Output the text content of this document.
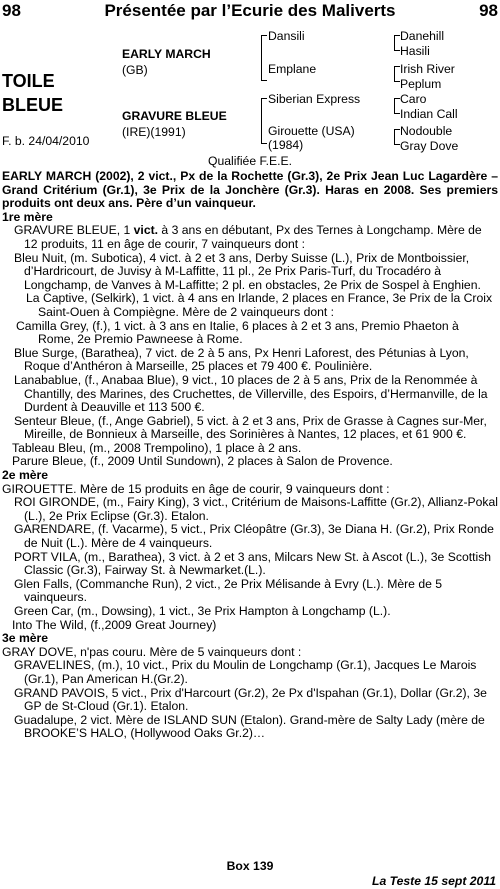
98	Présentée par l’Ecurie des Maliverts	98
TOILE
BLEUE
F. b. 24/04/2010
EARLY MARCH
(GB)
GRAVURE BLEUE
(IRE)(1991)
Dansili
Emplane
Siberian Express
Girouette (USA)
(1984)
Danehill
Hasili
Irish River
Peplum
Caro
Indian Call
Nodouble
Gray Dove
Qualifiée F.E.E.

EARLY MARCH (2002), 2 vict., Px de la Rochette (Gr.3), 2e Prix Jean Luc Lagardère – Grand Critérium (Gr.1), 3e Prix de la Jonchère (Gr.3). Haras en 2008. Ses premiers produits ont deux ans. Père d’un vainqueur.

1re mère

GRAVURE BLEUE, 1 vict. à 3 ans en débutant, Px des Ternes à Longchamp. Mère de 12 produits, 11 en âge de courir, 7 vainqueurs dont :

Bleu Nuit, (m. Subotica), 4 vict. à 2 et 3 ans, Derby Suisse (L.), Prix de Montboissier, d’Hardricourt, de Juvisy à M-Laffitte, 11 pl., 2e Prix Paris-Turf, du Trocadéro à Longchamp, de Vanves à M-Laffitte; 2 pl. en obstacles, 2e Prix de Sospel à Enghien.

La Captive, (Selkirk), 1 vict. à 4 ans en Irlande, 2 places en France, 3e Prix de la Croix Saint-Ouen à Compiègne. Mère de 2 vainqueurs dont :

Camilla Grey, (f.), 1 vict. à 3 ans en Italie, 6 places à 2 et 3 ans, Premio Phaeton à Rome, 2e Premio Pawneese à Rome.

Blue Surge, (Barathea), 7 vict. de 2 à 5 ans, Px Henri Laforest, des Pétunias à Lyon, Roque d’Anthéron à Marseille, 25 places et 79 400 €. Poulinière.

Lanabablue, (f., Anabaa Blue), 9 vict., 10 places de 2 à 5 ans, Prix de la Renommée à Chantilly, des Marines, des Cruchettes, de Villerville, des Espoirs, d’Hermanville, de la Durdent à Deauville et 113 500 €.

Senteur Bleue, (f., Ange Gabriel), 5 vict. à 2 et 3 ans, Prix de Grasse à Cagnes sur-Mer, Mireille, de Bonnieux à Marseille, des Sorinières à Nantes, 12 places, et 61 900 €.

Tableau Bleu, (m., 2008 Trempolino), 1 place à 2 ans.

Parure Bleue, (f., 2009 Until Sundown), 2 places à Salon de Provence.

2e mère

GIROUETTE. Mère de 15 produits en âge de courir, 9 vainqueurs dont :

ROI GIRONDE, (m., Fairy King), 3 vict., Critérium de Maisons-Laffitte (Gr.2), Allianz-Pokal (L.), 2e Prix Eclipse (Gr.3). Etalon.

GARENDARE, (f. Vacarme), 5 vict., Prix Cléopâtre (Gr.3), 3e Diana H. (Gr.2), Prix Ronde de Nuit (L.). Mère de 4 vainqueurs.

PORT VILA, (m., Barathea), 3 vict. à 2 et 3 ans, Milcars New St. à Ascot (L.), 3e Scottish Classic (Gr.3), Fairway St. à Newmarket.(L.).

Glen Falls, (Commanche Run), 2 vict., 2e Prix Mélisande à Evry (L.). Mère de 5 vainqueurs.

Green Car, (m., Dowsing), 1 vict., 3e Prix Hampton à Longchamp (L.).

Into The Wild, (f.,2009 Great Journey)

3e mère

GRAY DOVE, n'pas couru. Mère de 5 vainqueurs dont :

GRAVELINES, (m.), 10 vict., Prix du Moulin de Longchamp (Gr.1), Jacques Le Marois (Gr.1), Pan American H.(Gr.2).

GRAND PAVOIS, 5 vict., Prix d'Harcourt (Gr.2), 2e Px d'Ispahan (Gr.1), Dollar (Gr.2), 3e GP de St-Cloud (Gr.1). Etalon.

Guadalupe, 2 vict. Mère de ISLAND SUN (Etalon). Grand-mère de Salty Lady (mère de BROOKE’S HALO, (Hollywood Oaks Gr.2)…

Box 139
La Teste 15 sept 2011
